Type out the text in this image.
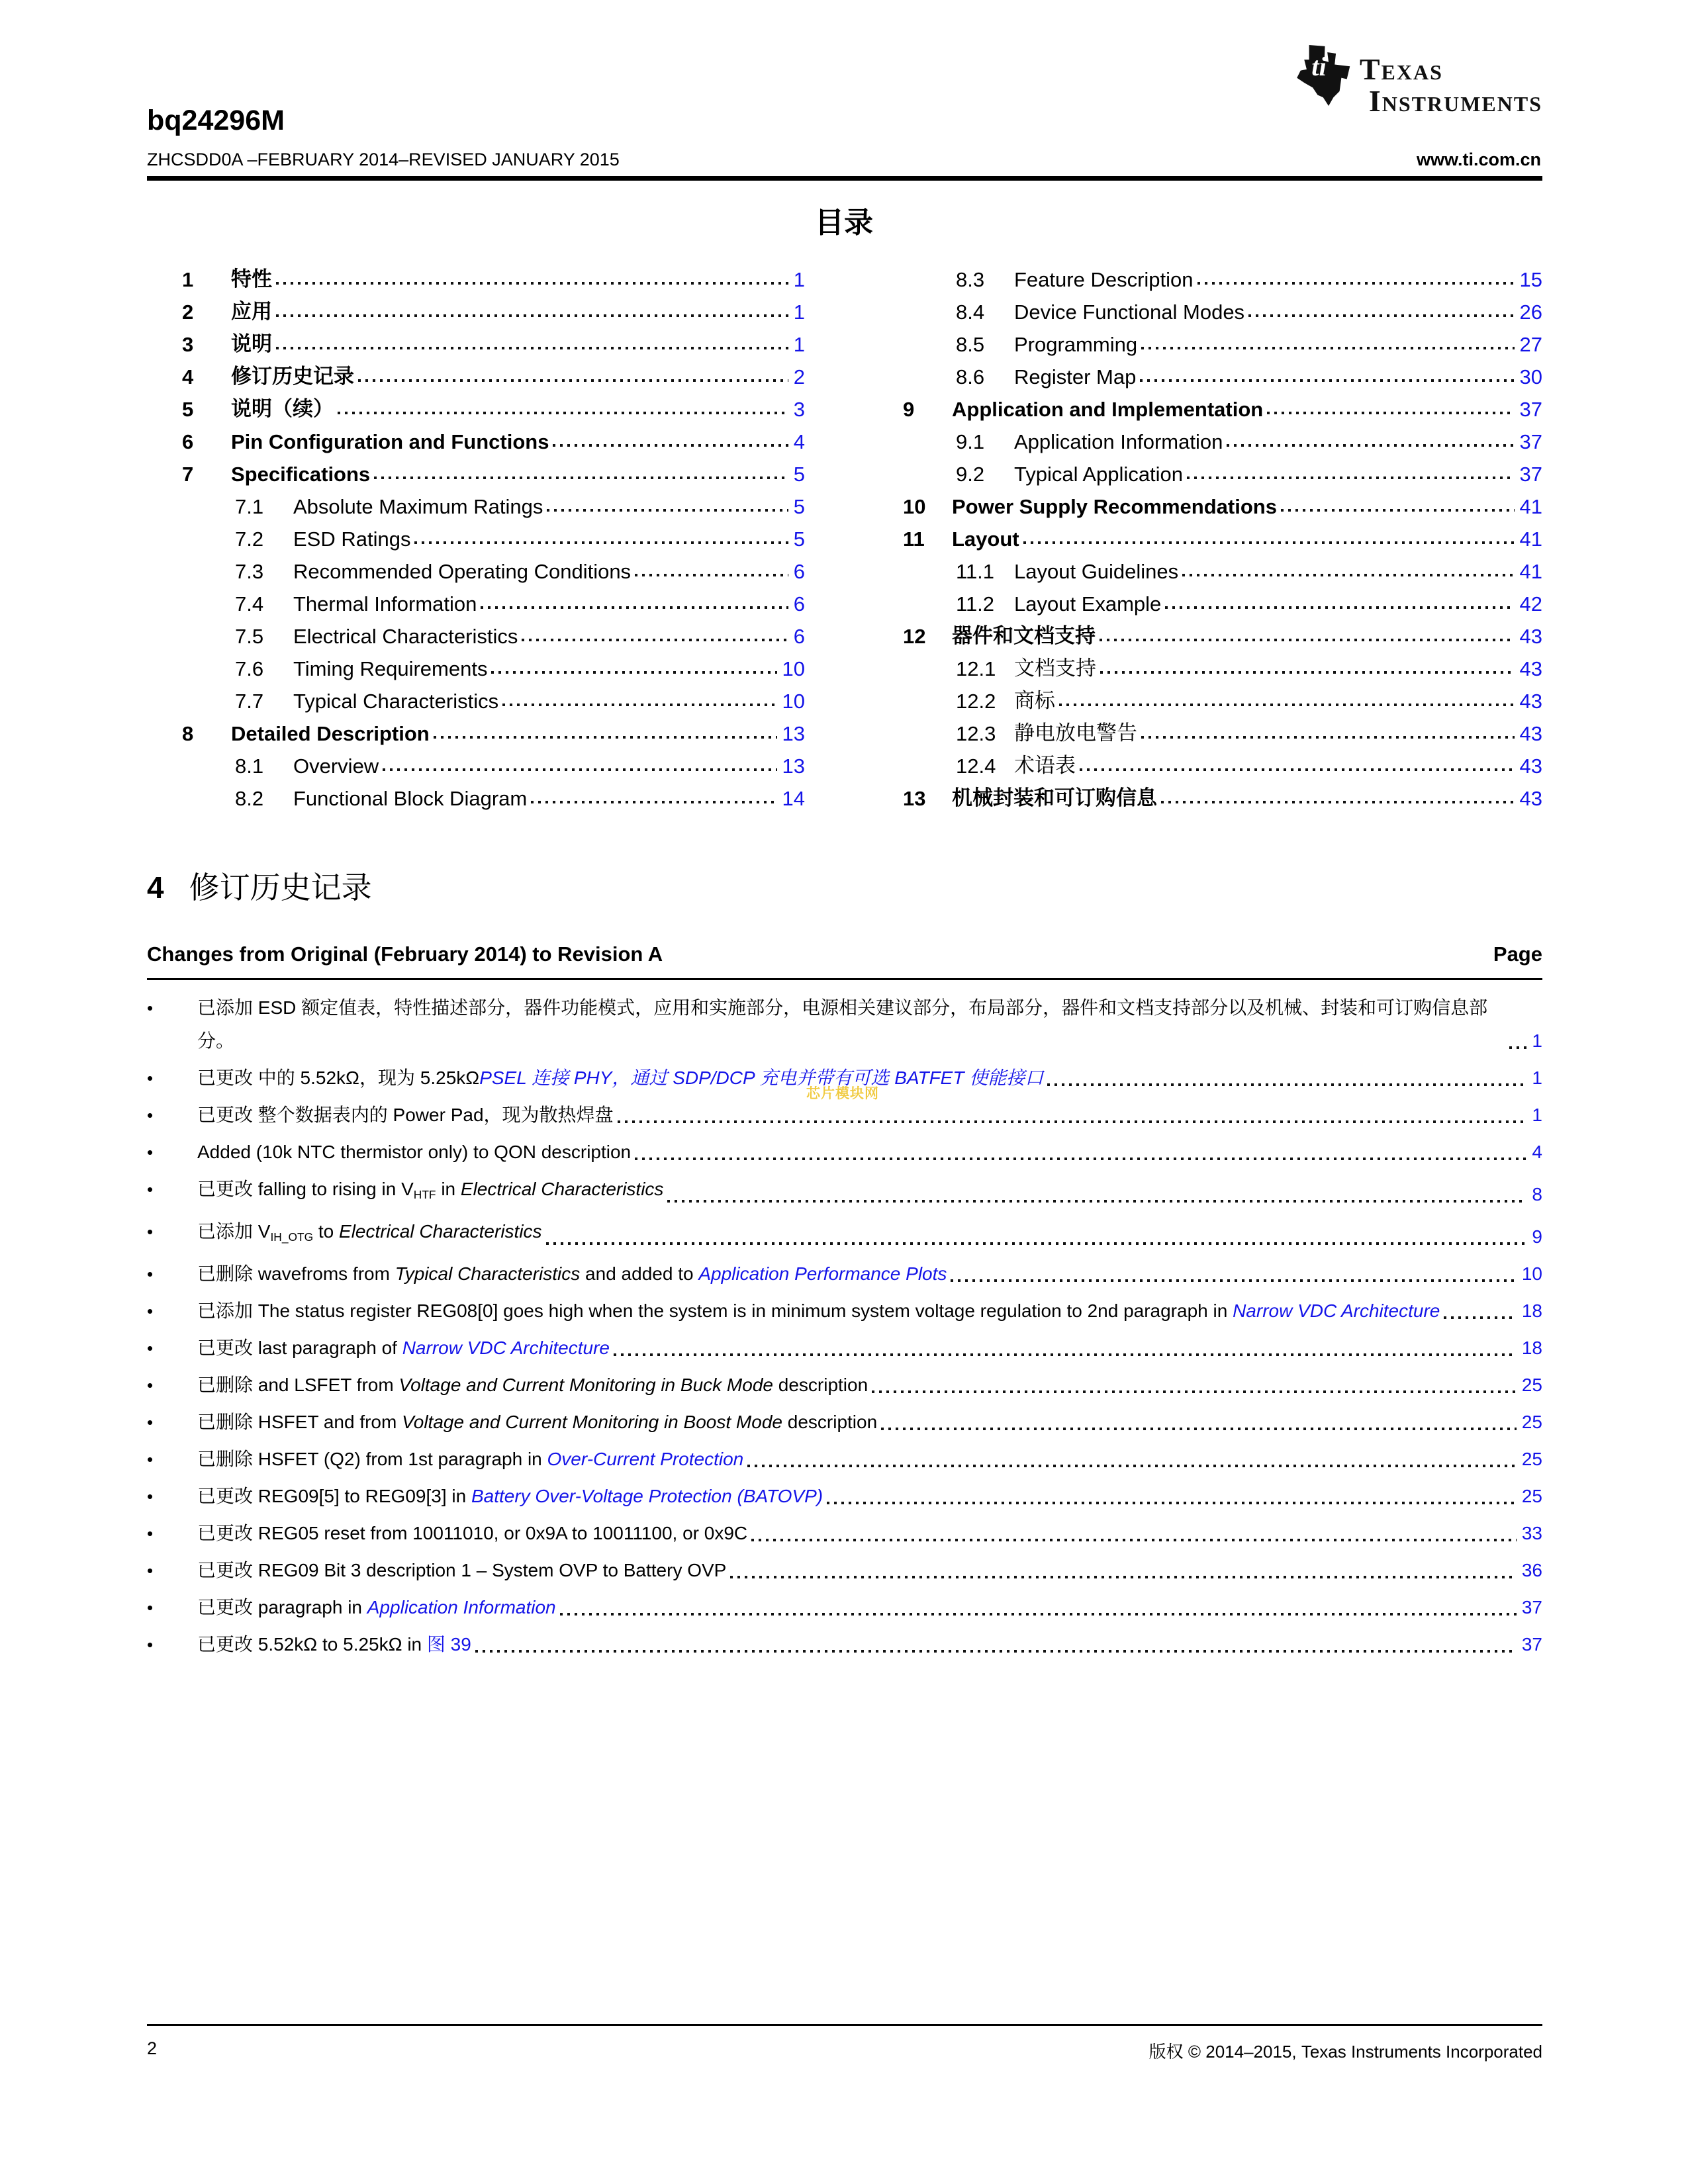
ti Texas
Instruments
bq24296M
ZHCSDD0A –FEBRUARY 2014–REVISED JANUARY 2015	www.ti.com.cn
目录
1	特性	1
2	应用	1
3	说明	1
4	修订历史记录	2
5	说明（续）	3
6	Pin Configuration and Functions	4
7	Specifications	5
7.1	Absolute Maximum Ratings	5
7.2	ESD Ratings	5
7.3	Recommended Operating Conditions	6
7.4	Thermal Information	6
7.5	Electrical Characteristics	6
7.6	Timing Requirements	10
7.7	Typical Characteristics	10
8	Detailed Description	13
8.1	Overview	13
8.2	Functional Block Diagram	14
8.3	Feature Description	15
8.4	Device Functional Modes	26
8.5	Programming	27
8.6	Register Map	30
9	Application and Implementation	37
9.1	Application Information	37
9.2	Typical Application	37
10	Power Supply Recommendations	41
11	Layout	41
11.1 Layout Guidelines	41
11.2 Layout Example	42
12	器件和文档支持	43
12.1 文档支持	43
12.2 商标	43
12.3 静电放电警告	43
12.4 术语表	43
13	机械封装和可订购信息	43
4 修订历史记录
Changes from Original (February 2014) to Revision A	Page
•	已添加 ESD 额定值表，特性描述部分，器件功能模式，应用和实施部分，电源相关建议部分，布局部分，器件和文档支持部分以及机械、封装和可订购信息部分。	1
•	已更改 中的 5.52kΩ，现为 5.25kΩPSEL 连接 PHY，通过 SDP/DCP 充电并带有可选 BATFET 使能接口	1
•	已更改 整个数据表内的 Power Pad，现为散热焊盘	1
•	Added (10k NTC thermistor only) to QON description	4
•	已更改 falling to rising in $V_{HTF}$ in Electrical Characteristics	8
•	已添加 $V_{IH\_OTG}$ to Electrical Characteristics	9
•	已删除 wavefroms from Typical Characteristics and added to Application Performance Plots	10
•	已添加 The status register REG08[0] goes high when the system is in minimum system voltage regulation to 2nd paragraph in Narrow VDC Architecture	18
•	已更改 last paragraph of Narrow VDC Architecture	18
•	已删除 and LSFET from Voltage and Current Monitoring in Buck Mode description	25
•	已删除 HSFET and from Voltage and Current Monitoring in Boost Mode description	25
•	已删除 HSFET (Q2) from 1st paragraph in Over-Current Protection	25
•	已更改 REG09[5] to REG09[3] in Battery Over-Voltage Protection (BATOVP)	25
•	已更改 REG05 reset from 10011010, or 0x9A to 10011100, or 0x9C	33
•	已更改 REG09 Bit 3 description 1 – System OVP to Battery OVP	36
•	已更改 paragraph in Application Information	37
•	已更改 5.52kΩ to 5.25kΩ in 图 39	37
芯片模块网
2	版权 © 2014–2015, Texas Instruments Incorporated
